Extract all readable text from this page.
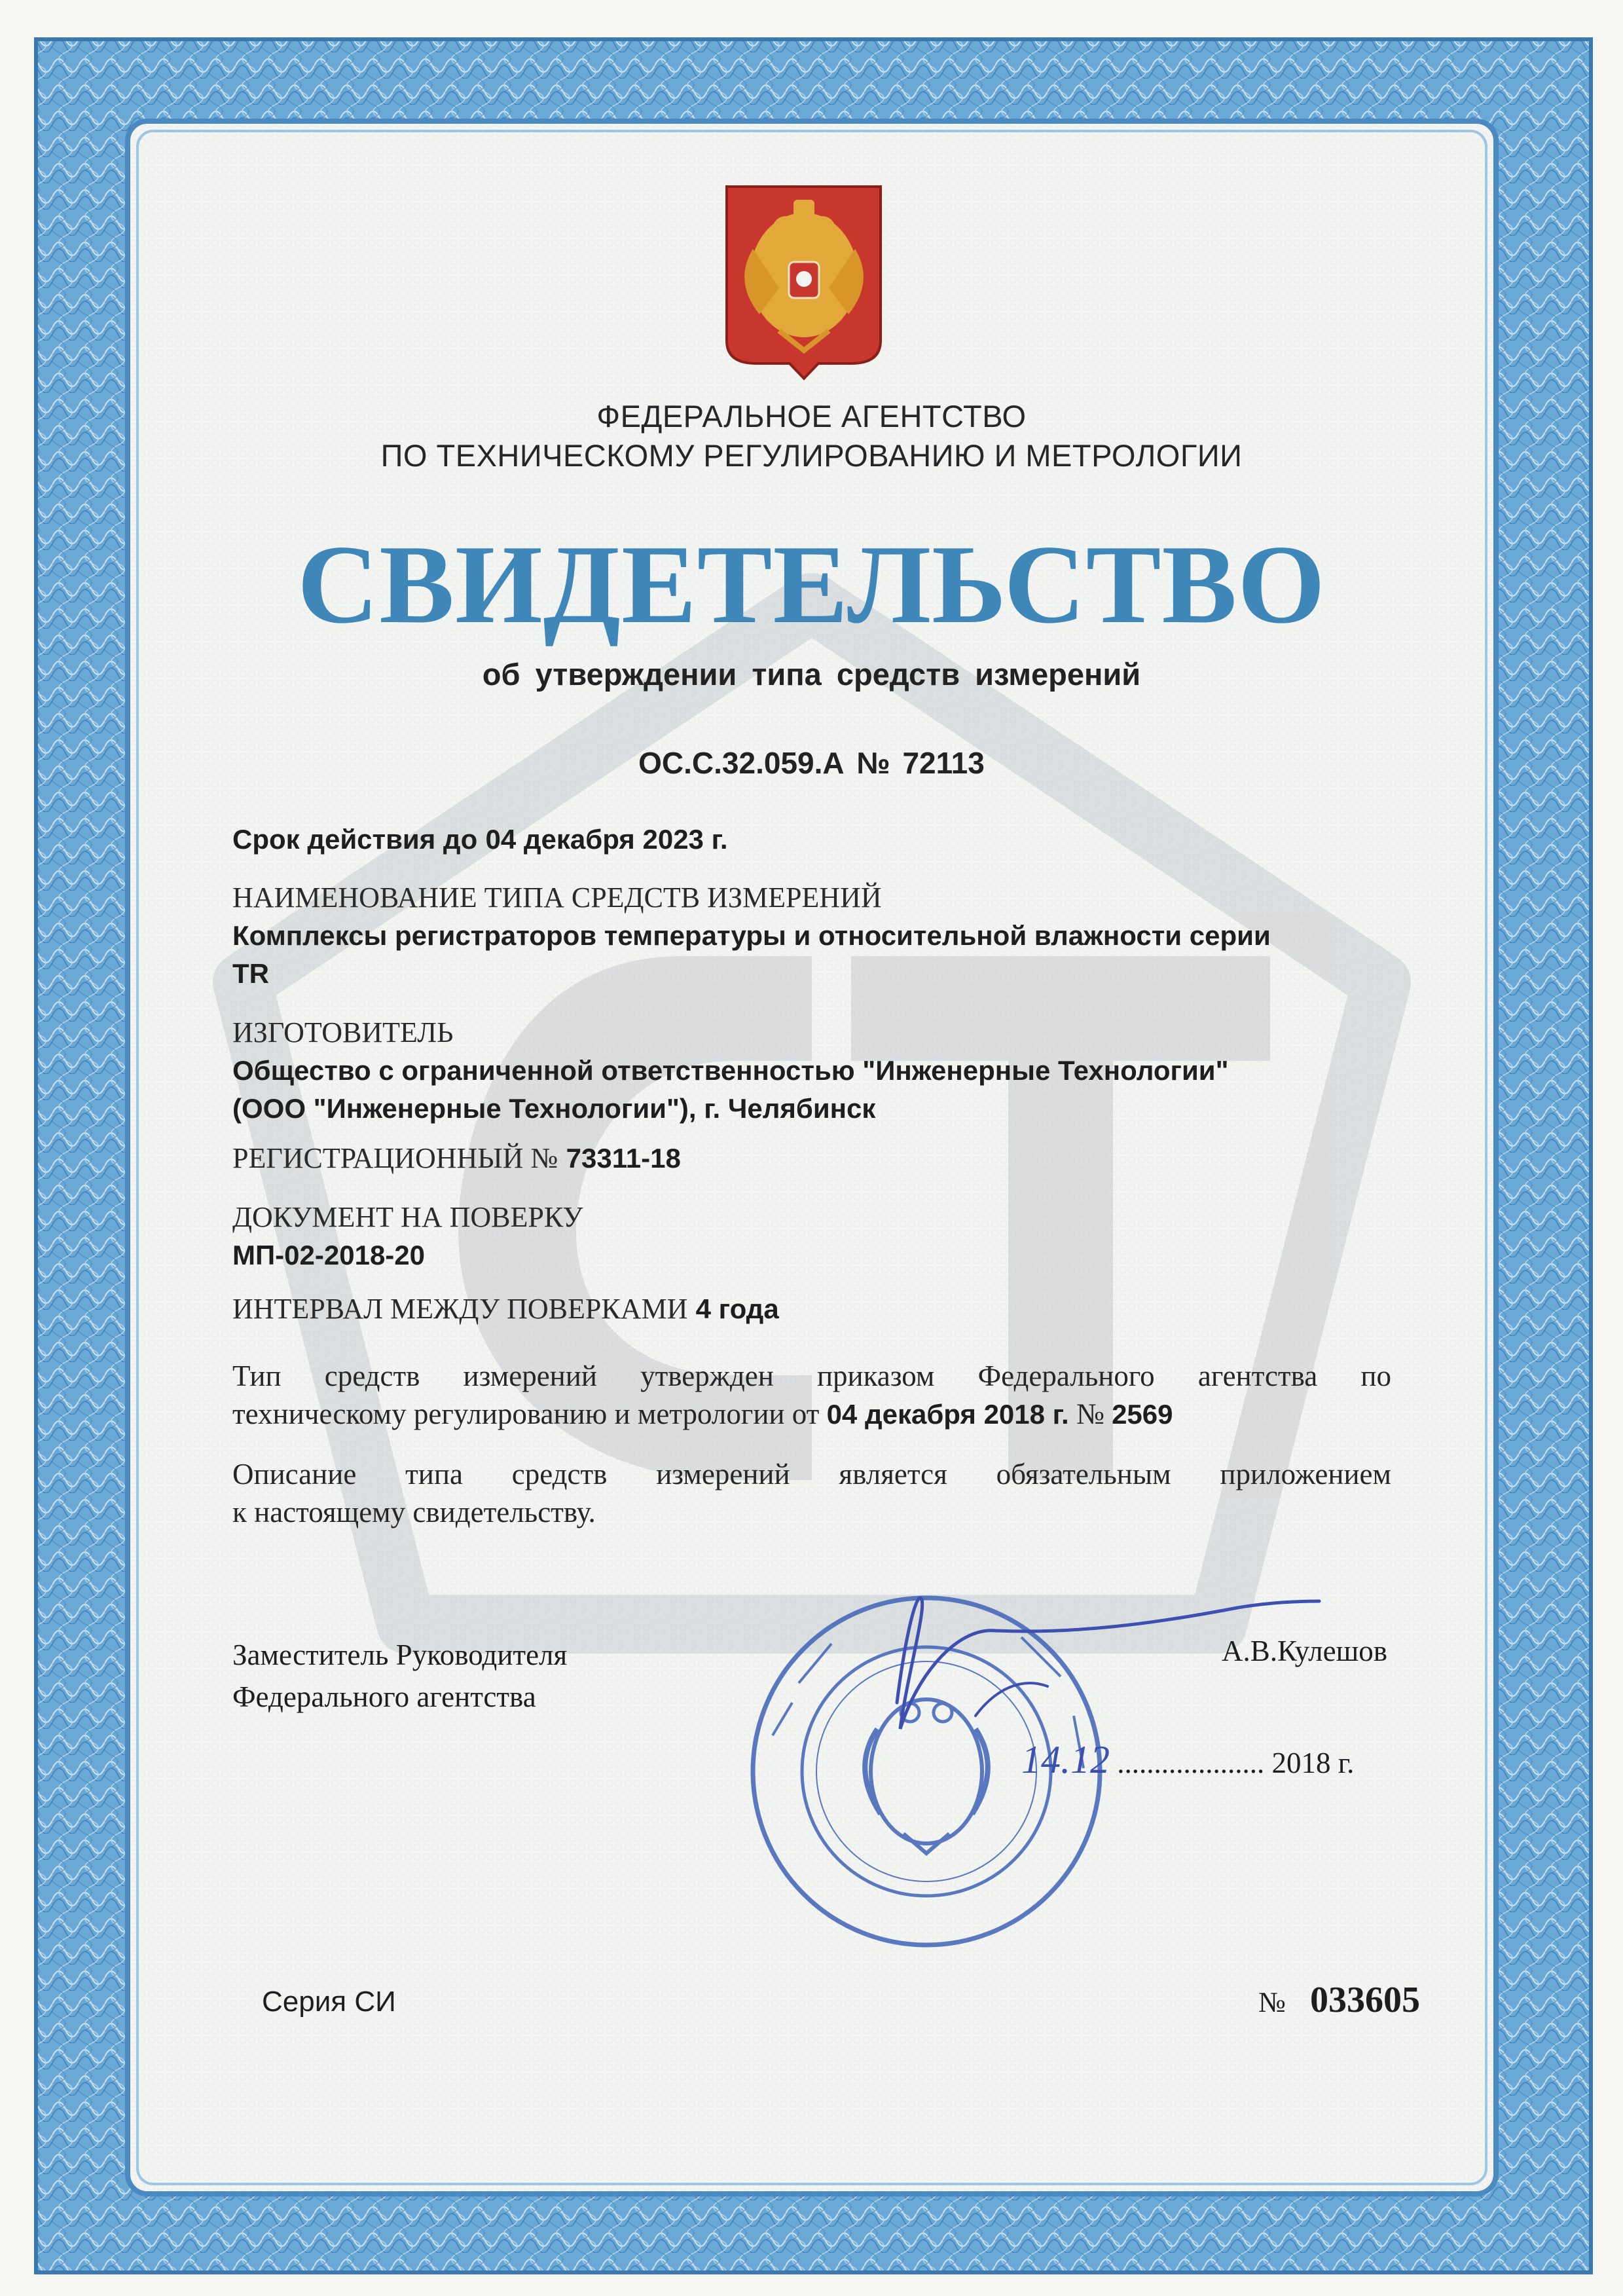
ФЕДЕРАЛЬНОЕ АГЕНТСТВО
ПО ТЕХНИЧЕСКОМУ РЕГУЛИРОВАНИЮ И МЕТРОЛОГИИ
СВИДЕТЕЛЬСТВО
об утверждении типа средств измерений
ОС.С.32.059.А № 72113
Срок действия до 04 декабря 2023 г.
НАИМЕНОВАНИЕ ТИПА СРЕДСТВ ИЗМЕРЕНИЙ
Комплексы регистраторов температуры и относительной влажности серии
TR
ИЗГОТОВИТЕЛЬ
Общество с ограниченной ответственностью "Инженерные Технологии"
(ООО "Инженерные Технологии"), г. Челябинск
РЕГИСТРАЦИОННЫЙ № 73311-18
ДОКУМЕНТ НА ПОВЕРКУ
МП-02-2018-20
ИНТЕРВАЛ МЕЖДУ ПОВЕРКАМИ 4 года
Тип средств измерений утвержден приказом Федерального агентства по
техническому регулированию и метрологии от 04 декабря 2018 г. № 2569
Описание типа средств измерений является обязательным приложением
к настоящему свидетельству.
Заместитель Руководителя
Федерального агентства
А.В.Кулешов
14.12 .................... 2018 г.
Серия СИ	№ 033605
